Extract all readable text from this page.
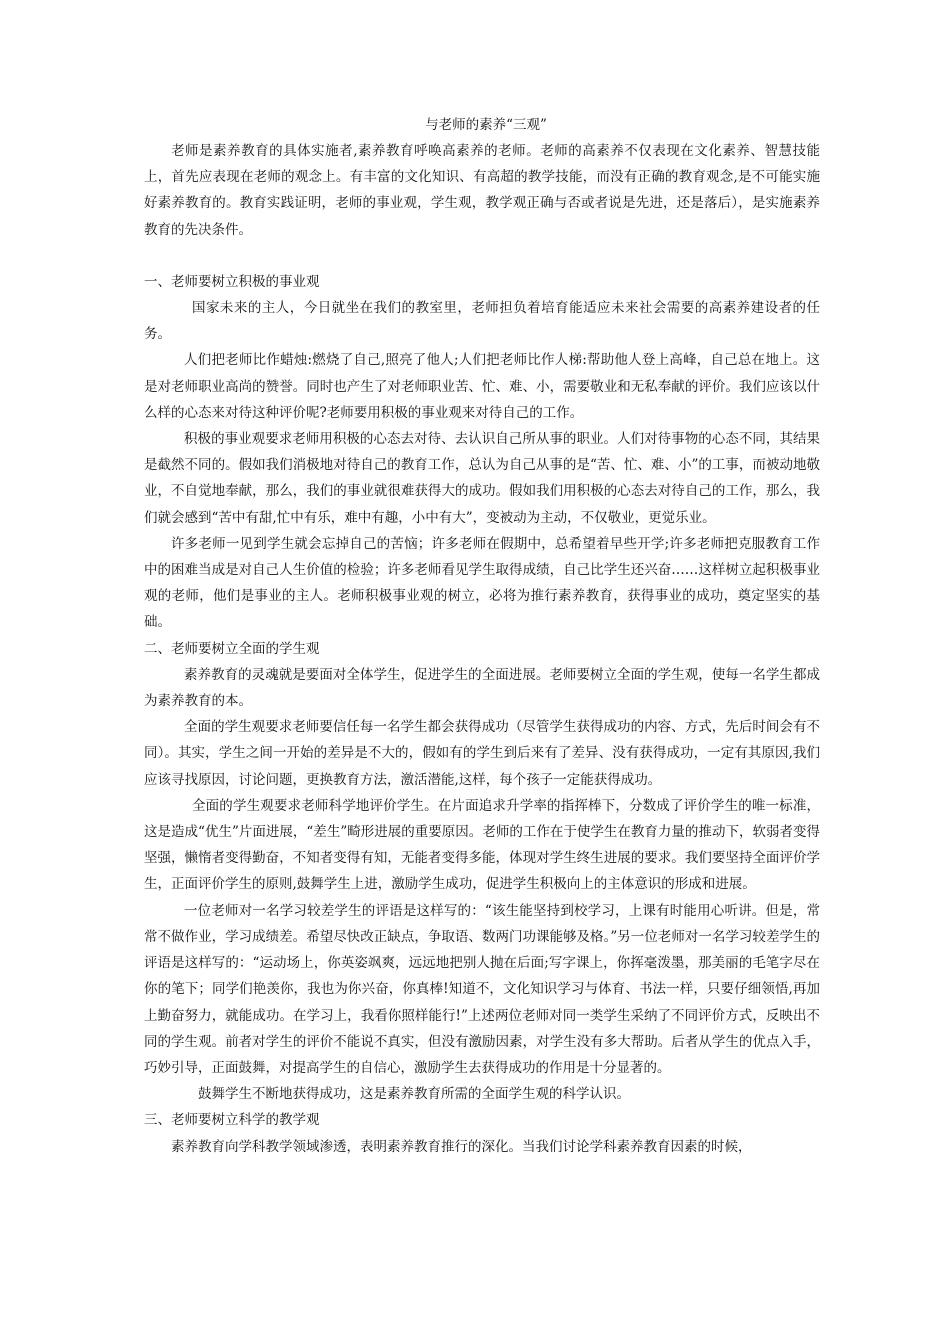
与老师的素养“三观”

老师是素养教育的具体实施者,素养教育呼唤高素养的老师。老师的高素养不仅表现在文化素养、智慧技能上，首先应表现在老师的观念上。有丰富的文化知识、有高超的教学技能，而没有正确的教育观念,是不可能实施好素养教育的。教育实践证明，老师的事业观，学生观，教学观正确与否或者说是先进，还是落后），是实施素养教育的先决条件。

一、老师要树立积极的事业观

国家未来的主人，今日就坐在我们的教室里，老师担负着培育能适应未来社会需要的高素养建设者的任务。

人们把老师比作蜡烛:燃烧了自己,照亮了他人;人们把老师比作人梯:帮助他人登上高峰，自己总在地上。这是对老师职业高尚的赞誉。同时也产生了对老师职业苦、忙、难、小，需要敬业和无私奉献的评价。我们应该以什么样的心态来对待这种评价呢?老师要用积极的事业观来对待自己的工作。

积极的事业观要求老师用积极的心态去对待、去认识自己所从事的职业。人们对待事物的心态不同，其结果是截然不同的。假如我们消极地对待自己的教育工作，总认为自己从事的是“苦、忙、难、小”的工事，而被动地敬业，不自觉地奉献，那么，我们的事业就很难获得大的成功。假如我们用积极的心态去对待自己的工作，那么，我们就会感到“苦中有甜,忙中有乐，难中有趣，小中有大”，变被动为主动，不仅敬业，更觉乐业。

许多老师一见到学生就会忘掉自己的苦恼；许多老师在假期中，总希望着早些开学;许多老师把克服教育工作中的困难当成是对自己人生价值的检验；许多老师看见学生取得成绩，自己比学生还兴奋……这样树立起积极事业观的老师，他们是事业的主人。老师积极事业观的树立，必将为推行素养教育，获得事业的成功，奠定坚实的基础。

二、老师要树立全面的学生观

素养教育的灵魂就是要面对全体学生，促进学生的全面进展。老师要树立全面的学生观，使每一名学生都成为素养教育的本。

全面的学生观要求老师要信任每一名学生都会获得成功（尽管学生获得成功的内容、方式，先后时间会有不同）。其实，学生之间一开始的差异是不大的，假如有的学生到后来有了差异、没有获得成功，一定有其原因,我们应该寻找原因，讨论问题，更换教育方法，激活潜能,这样，每个孩子一定能获得成功。

全面的学生观要求老师科学地评价学生。在片面追求升学率的指挥棒下，分数成了评价学生的唯一标准，这是造成“优生”片面进展，“差生”畸形进展的重要原因。老师的工作在于使学生在教育力量的推动下，软弱者变得坚强，懒惰者变得勤奋，不知者变得有知，无能者变得多能，体现对学生终生进展的要求。我们要坚持全面评价学生，正面评价学生的原则,鼓舞学生上进，激励学生成功，促进学生积极向上的主体意识的形成和进展。

一位老师对一名学习较差学生的评语是这样写的：“该生能坚持到校学习，上课有时能用心听讲。但是，常常不做作业，学习成绩差。希望尽快改正缺点，争取语、数两门功课能够及格。”另一位老师对一名学习较差学生的评语是这样写的：“运动场上，你英姿飒爽，远远地把别人抛在后面;写字课上，你挥毫泼墨，那美丽的毛笔字尽在你的笔下；同学们艳羡你，我也为你兴奋，你真棒!知道不，文化知识学习与体育、书法一样，只要仔细领悟,再加上勤奋努力，就能成功。在学习上，我看你照样能行!”上述两位老师对同一类学生采纳了不同评价方式，反映出不同的学生观。前者对学生的评价不能说不真实，但没有激励因素，对学生没有多大帮助。后者从学生的优点入手，巧妙引导，正面鼓舞，对提高学生的自信心，激励学生去获得成功的作用是十分显著的。

鼓舞学生不断地获得成功，这是素养教育所需的全面学生观的科学认识。

三、老师要树立科学的教学观

素养教育向学科教学领域渗透，表明素养教育推行的深化。当我们讨论学科素养教育因素的时候，
